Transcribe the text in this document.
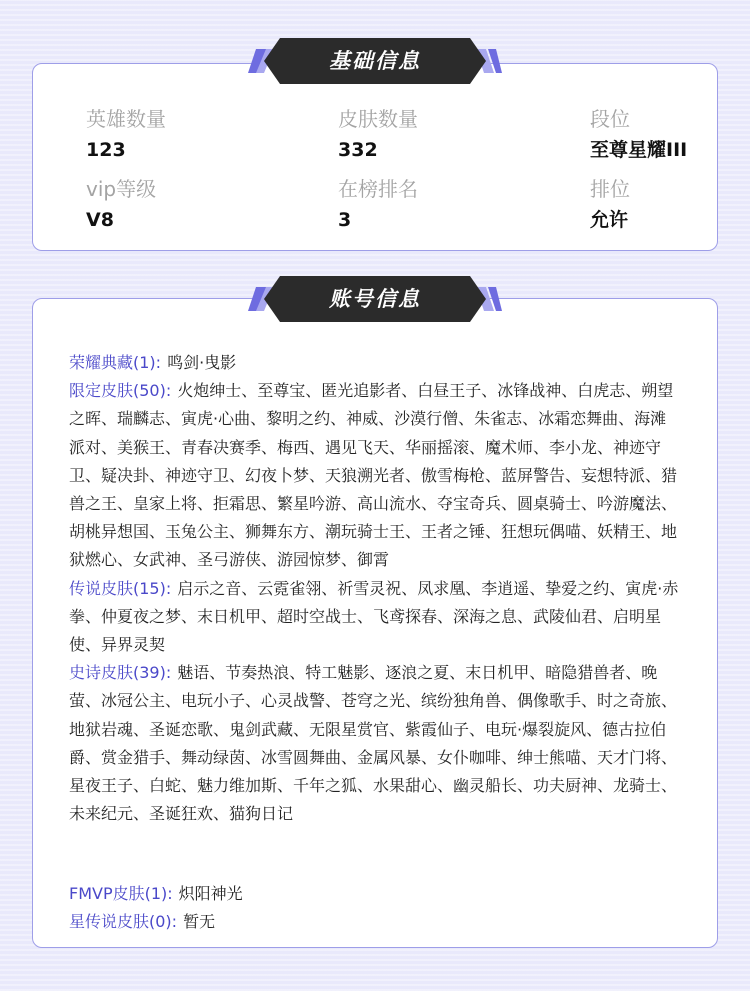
英雄数量
123
皮肤数量
332
段位
至尊星耀III
vip等级
V8
在榜排名
3
排位
允许
基础信息
荣耀典藏(1): 鸣剑·曳影
限定皮肤(50): 火炮绅士、至尊宝、匿光追影者、白昼王子、冰锋战神、白虎志、朔望之晖、瑞麟志、寅虎·心曲、黎明之约、神威、沙漠行僧、朱雀志、冰霜恋舞曲、海滩派对、美猴王、青春决赛季、梅西、遇见飞天、华丽摇滚、魔术师、李小龙、神迹守卫、疑决卦、神迹守卫、幻夜卜梦、天狼溯光者、傲雪梅枪、蓝屏警告、妄想特派、猎兽之王、皇家上将、拒霜思、繁星吟游、高山流水、夺宝奇兵、圆桌骑士、吟游魔法、胡桃异想国、玉兔公主、狮舞东方、潮玩骑士王、王者之锤、狂想玩偶喵、妖精王、地狱燃心、女武神、圣弓游侠、游园惊梦、御霄
传说皮肤(15): 启示之音、云霓雀翎、祈雪灵祝、凤求凰、李逍遥、挚爱之约、寅虎·赤拳、仲夏夜之梦、末日机甲、超时空战士、飞鸢探春、深海之息、武陵仙君、启明星使、异界灵契
史诗皮肤(39): 魅语、节奏热浪、特工魅影、逐浪之夏、末日机甲、暗隐猎兽者、晚萤、冰冠公主、电玩小子、心灵战警、苍穹之光、缤纷独角兽、偶像歌手、时之奇旅、地狱岩魂、圣诞恋歌、鬼剑武藏、无限星赏官、紫霞仙子、电玩·爆裂旋风、德古拉伯爵、赏金猎手、舞动绿茵、冰雪圆舞曲、金属风暴、女仆咖啡、绅士熊喵、天才门将、星夜王子、白蛇、魅力维加斯、千年之狐、水果甜心、幽灵船长、功夫厨神、龙骑士、未来纪元、圣诞狂欢、猫狗日记
FMVP皮肤(1): 炽阳神光
星传说皮肤(0): 暂无
账号信息
